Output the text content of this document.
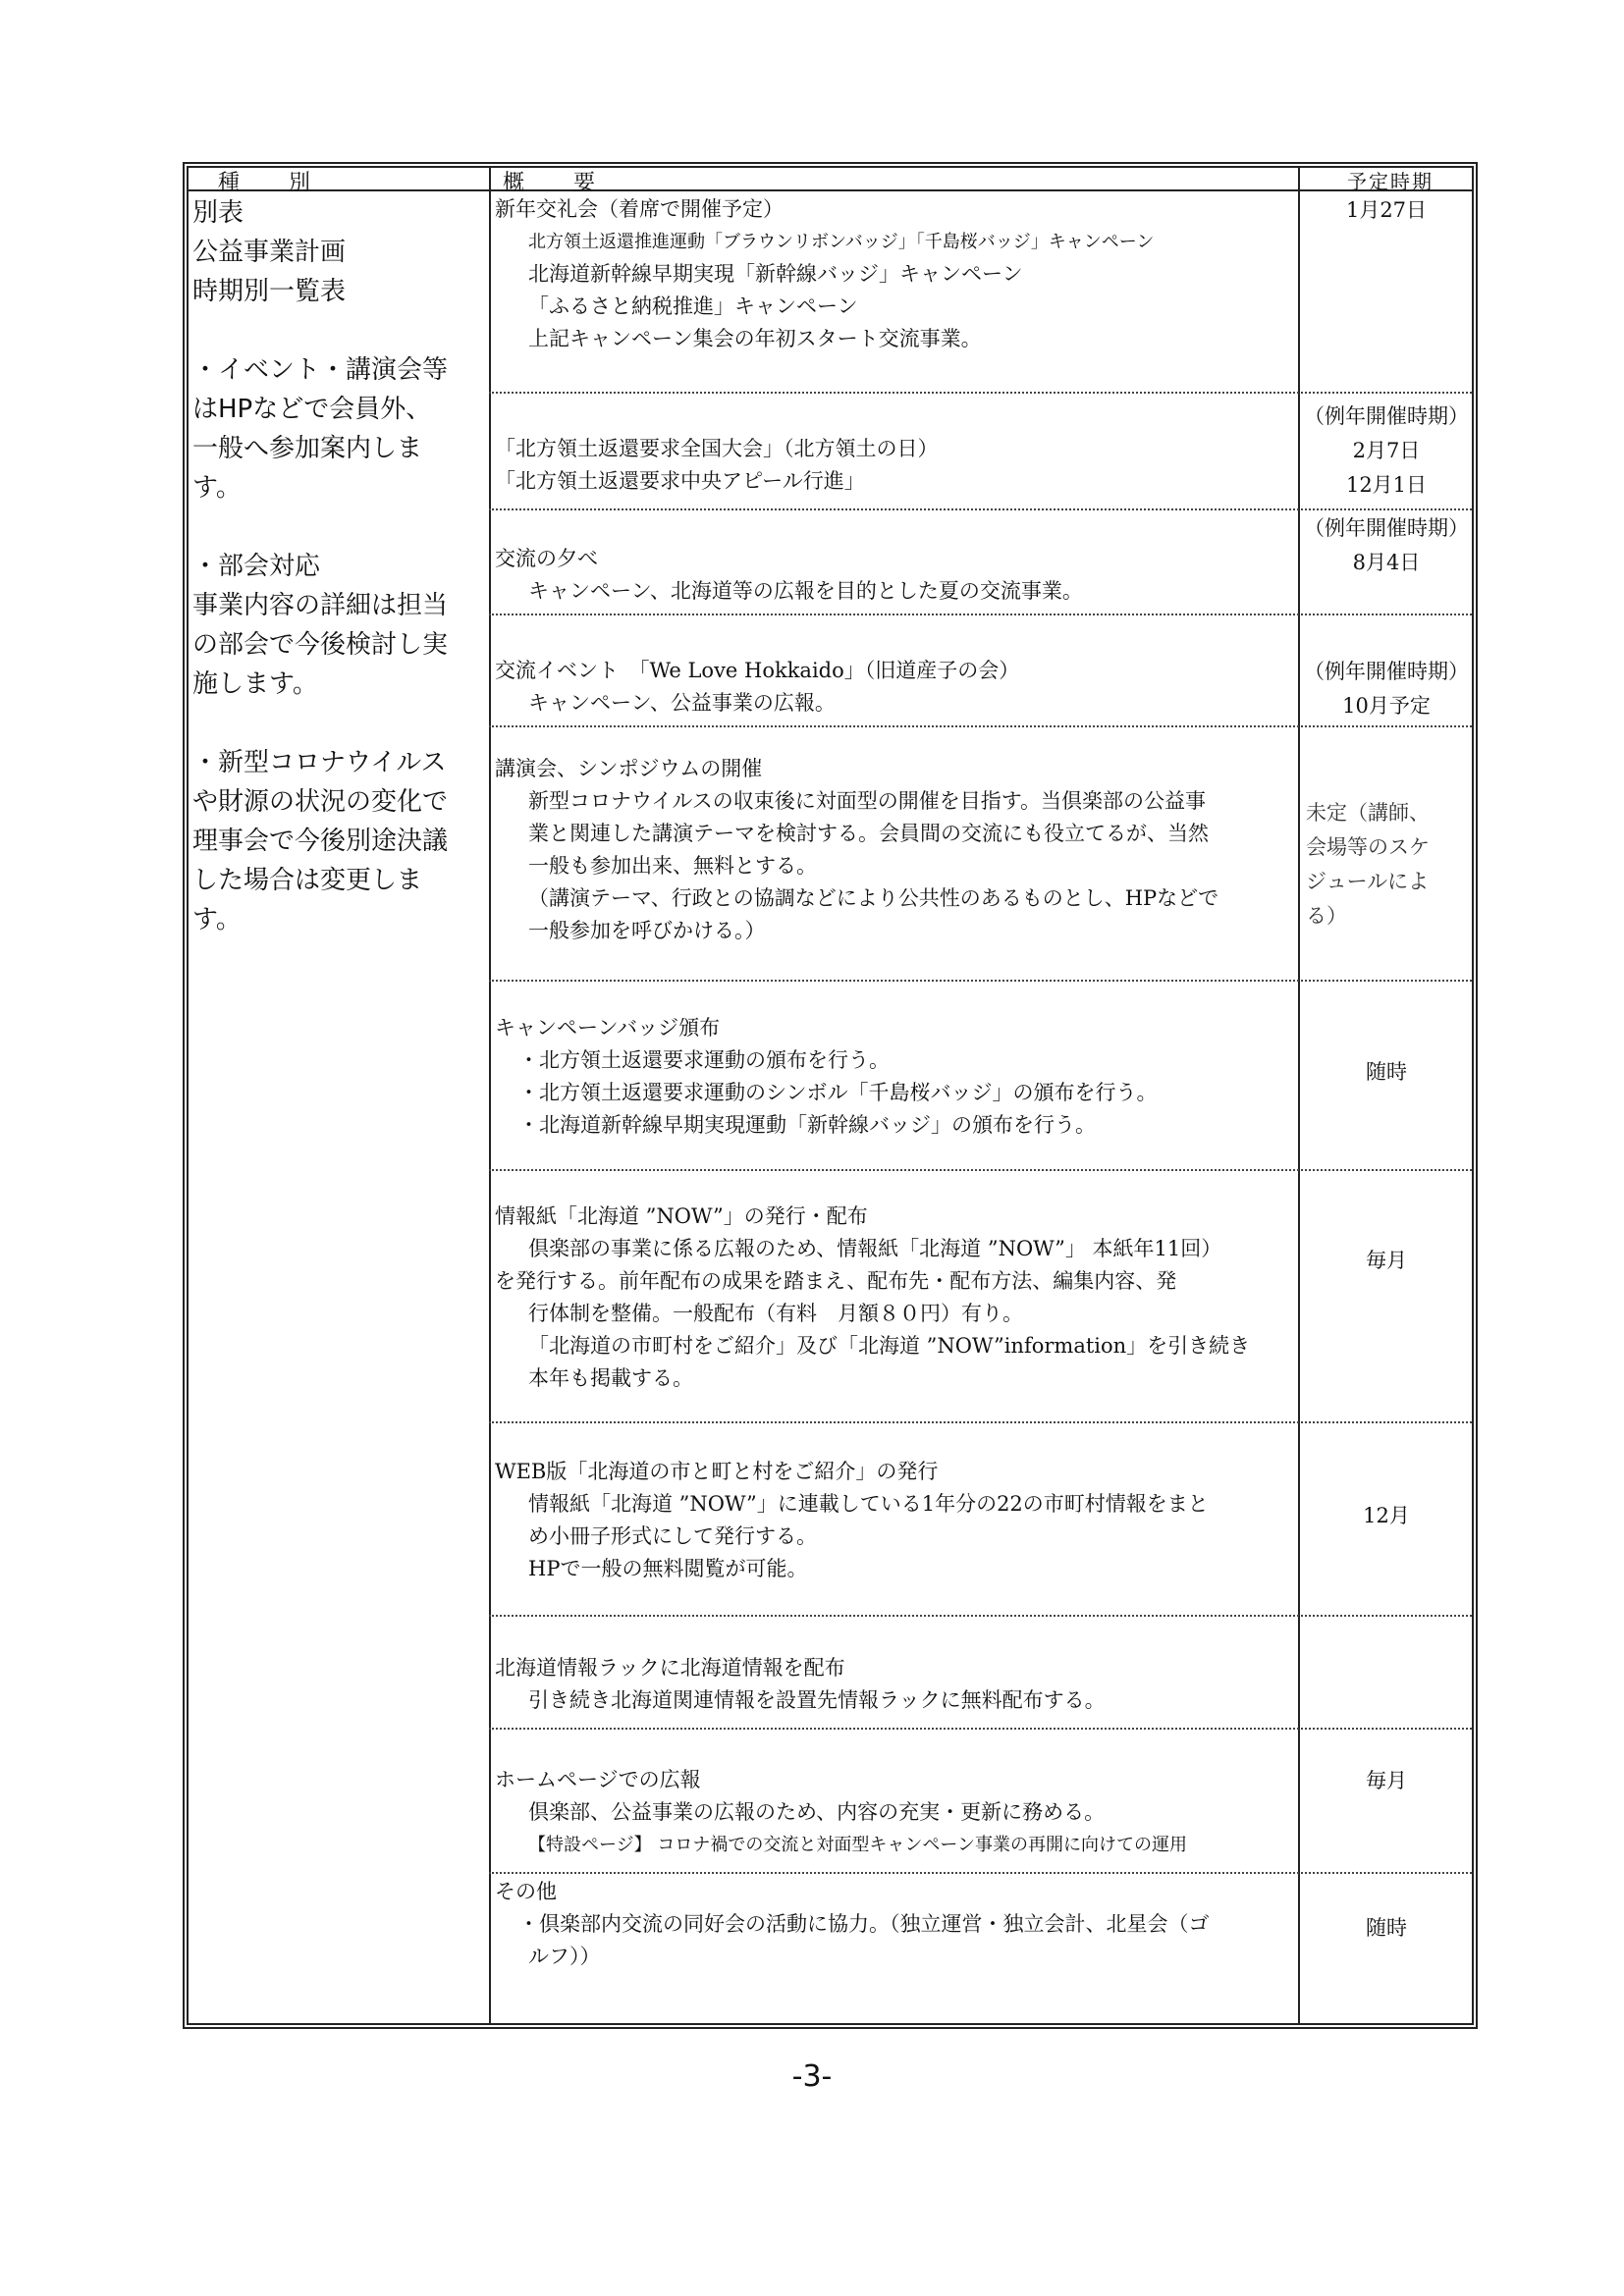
種　　別	概　　要	予定時期
別表
公益事業計画
時期別一覧表
・イベント・講演会等
はHPなどで会員外、
一般へ参加案内しま
す。
・部会対応
事業内容の詳細は担当
の部会で今後検討し実
施します。
・新型コロナウイルス
や財源の状況の変化で
理事会で今後別途決議
した場合は変更しま
す。
新年交礼会（着席で開催予定）
北方領土返還推進運動「ブラウンリボンバッジ」「千島桜バッジ」キャンペーン
北海道新幹線早期実現「新幹線バッジ」キャンペーン
「ふるさと納税推進」キャンペーン
上記キャンペーン集会の年初スタート交流事業。
1月27日
「北方領土返還要求全国大会」（北方領土の日）
「北方領土返還要求中央アピール行進」
（例年開催時期）
2月7日
12月1日
交流の夕べ
キャンペーン、北海道等の広報を目的とした夏の交流事業。
（例年開催時期）
8月4日
交流イベント　「We Love Hokkaido」（旧道産子の会）
キャンペーン、公益事業の広報。
（例年開催時期）
10月予定
講演会、シンポジウムの開催
新型コロナウイルスの収束後に対面型の開催を目指す。当倶楽部の公益事
業と関連した講演テーマを検討する。会員間の交流にも役立てるが、当然
一般も参加出来、無料とする。
（講演テーマ、行政との協調などにより公共性のあるものとし、HPなどで
一般参加を呼びかける。）
未定（講師、
会場等のスケ
ジュールによ
る）
キャンペーンバッジ頒布
・北方領土返還要求運動の頒布を行う。
・北方領土返還要求運動のシンボル「千島桜バッジ」の頒布を行う。
・北海道新幹線早期実現運動「新幹線バッジ」の頒布を行う。
随時
情報紙「北海道 ”NOW”」の発行・配布
倶楽部の事業に係る広報のため、情報紙「北海道 ”NOW”」 本紙年11回）
を発行する。前年配布の成果を踏まえ、配布先・配布方法、編集内容、発
行体制を整備。一般配布（有料　月額８０円）有り。
「北海道の市町村をご紹介」及び「北海道 ”NOW”information」を引き続き
本年も掲載する。
毎月
WEB版「北海道の市と町と村をご紹介」の発行
情報紙「北海道 ”NOW”」に連載している1年分の22の市町村情報をまと
め小冊子形式にして発行する。
HPで一般の無料閲覧が可能。
12月
北海道情報ラックに北海道情報を配布
引き続き北海道関連情報を設置先情報ラックに無料配布する。
ホームページでの広報
倶楽部、公益事業の広報のため、内容の充実・更新に務める。
【特設ページ】 コロナ禍での交流と対面型キャンペーン事業の再開に向けての運用
毎月
その他
・倶楽部内交流の同好会の活動に協力。（独立運営・独立会計、北星会（ゴ
ルフ））
随時
-3-
